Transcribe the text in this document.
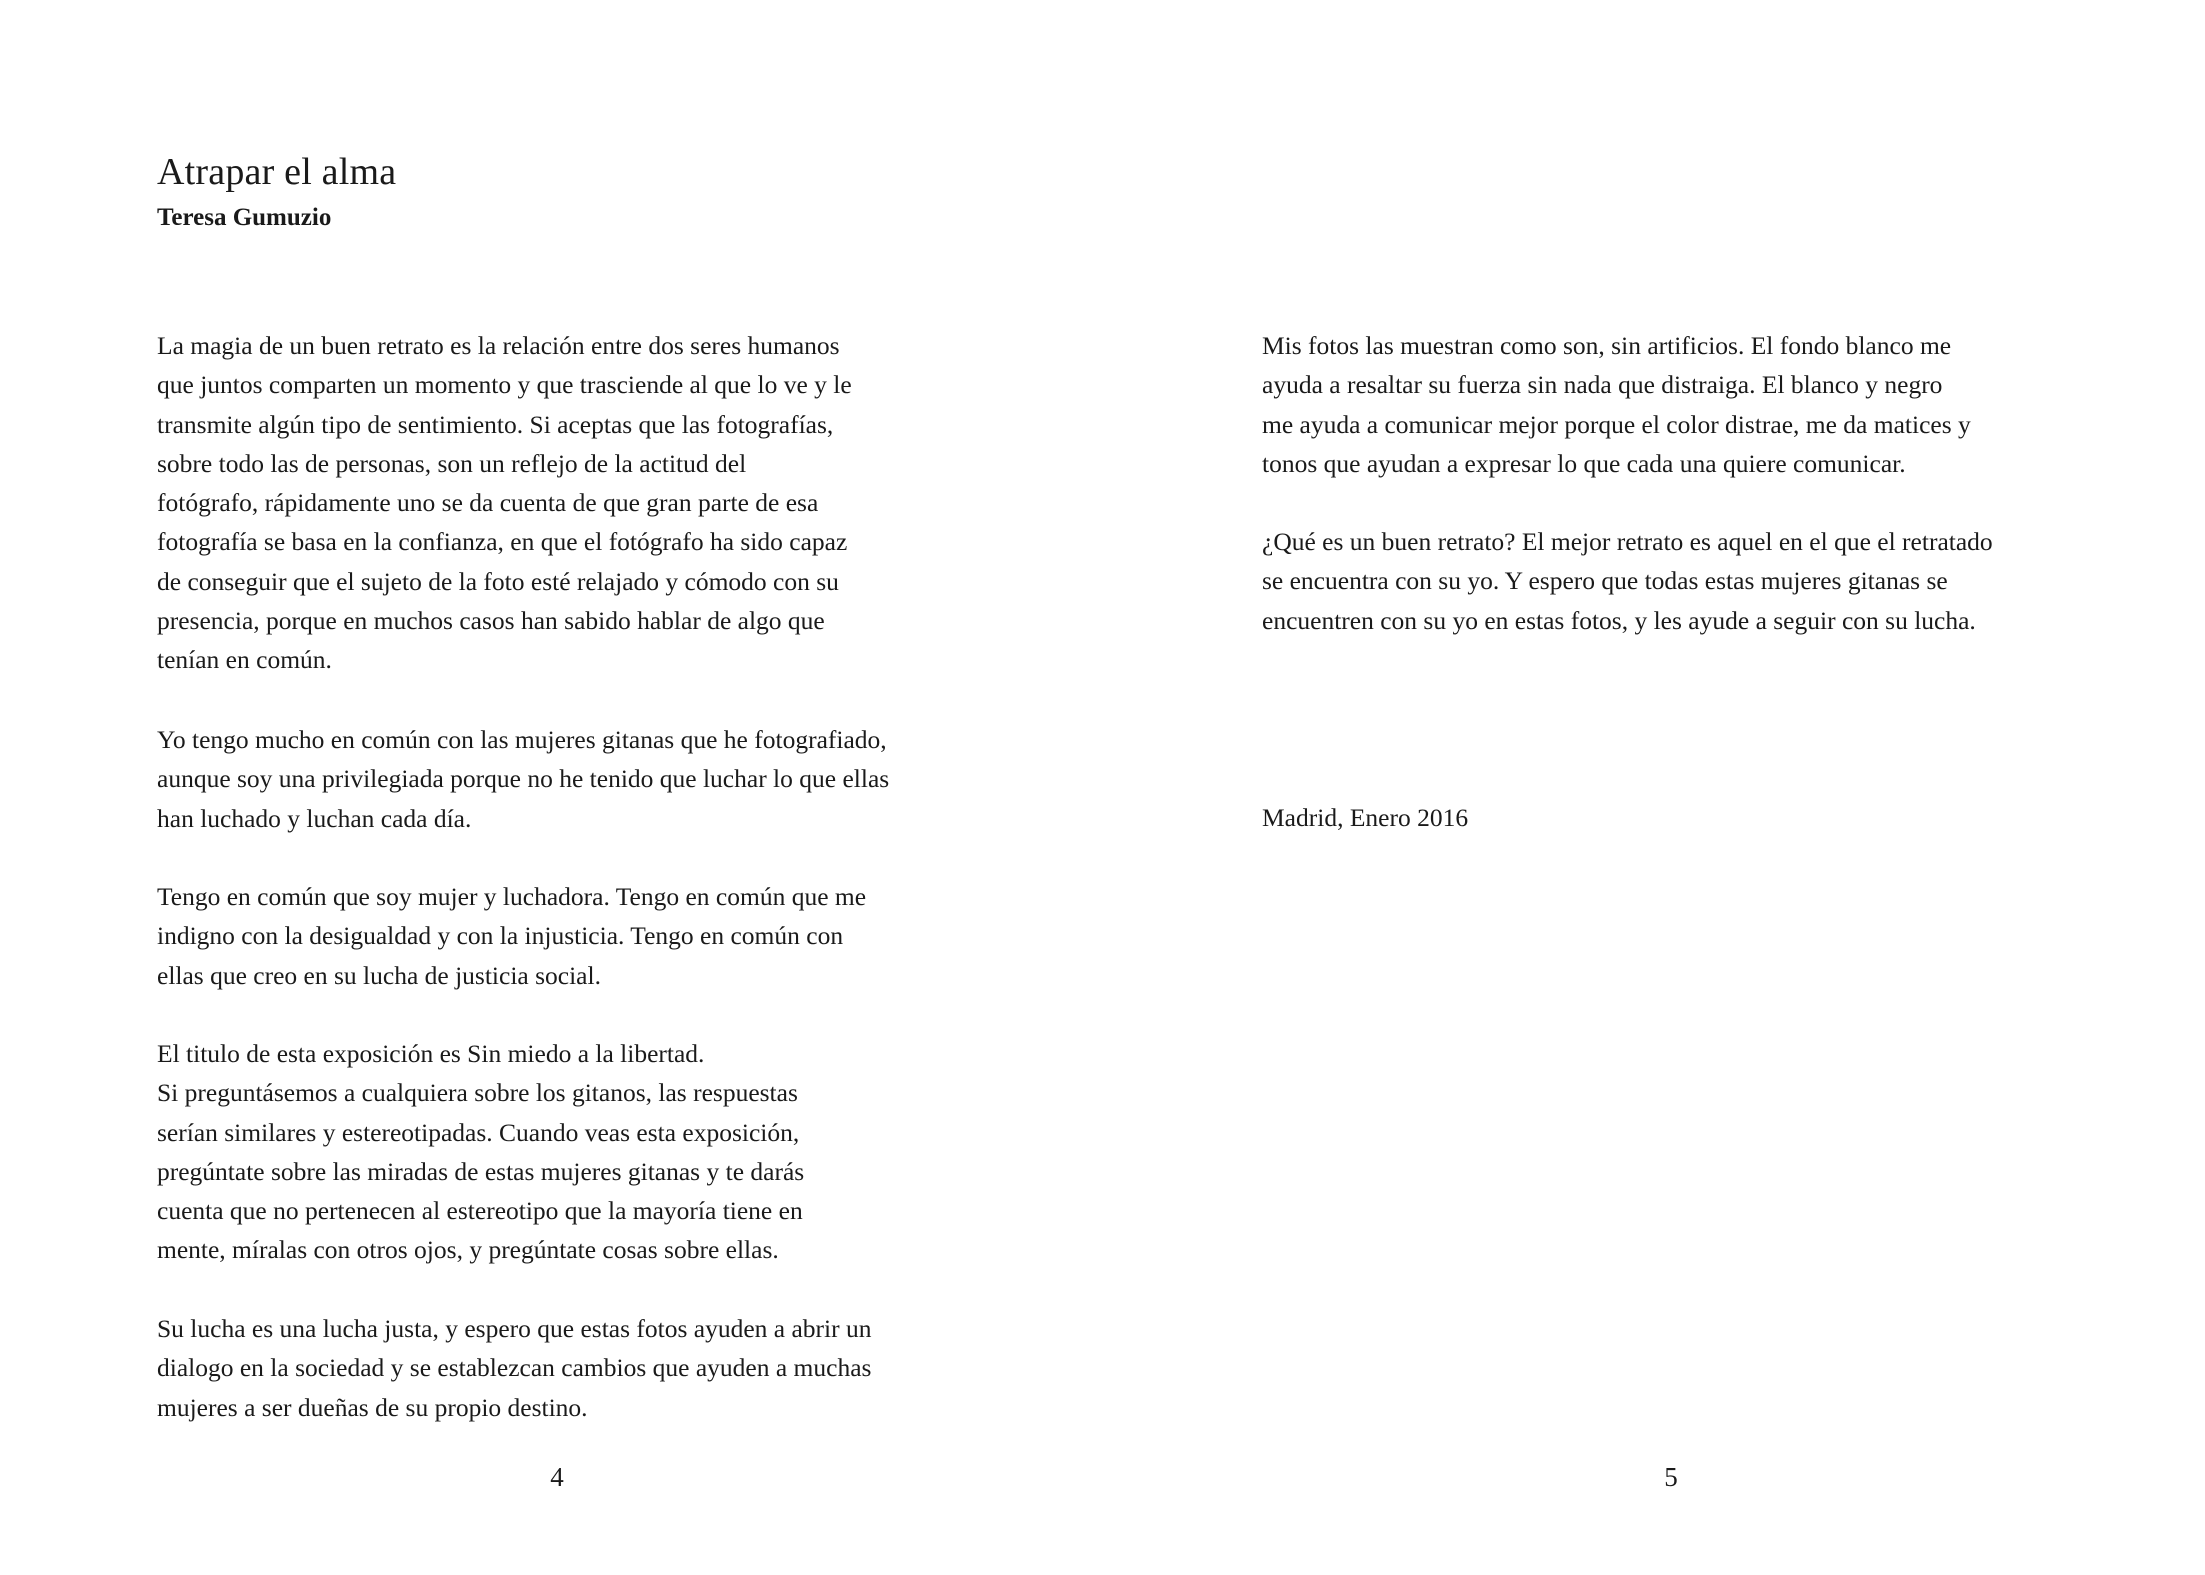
Atrapar el alma
Teresa Gumuzio

La magia de un buen retrato es la relación entre dos seres humanos
que juntos comparten un momento y que trasciende al que lo ve y le
transmite algún tipo de sentimiento. Si aceptas que las fotografías,
sobre todo las de personas, son un reflejo de la actitud del
fotógrafo, rápidamente uno se da cuenta de que gran parte de esa
fotografía se basa en la confianza, en que el fotógrafo ha sido capaz
de conseguir que el sujeto de la foto esté relajado y cómodo con su
presencia, porque en muchos casos han sabido hablar de algo que
tenían en común.

Yo tengo mucho en común con las mujeres gitanas que he fotografiado,
aunque soy una privilegiada porque no he tenido que luchar lo que ellas
han luchado y luchan cada día.

Tengo en común que soy mujer y luchadora. Tengo en común que me
indigno con la desigualdad y con la injusticia. Tengo en común con
ellas que creo en su lucha de justicia social.

El titulo de esta exposición es Sin miedo a la libertad.
Si preguntásemos a cualquiera sobre los gitanos, las respuestas
serían similares y estereotipadas. Cuando veas esta exposición,
pregúntate sobre las miradas de estas mujeres gitanas y te darás
cuenta que no pertenecen al estereotipo que la mayoría tiene en
mente, míralas con otros ojos, y pregúntate cosas sobre ellas.

Su lucha es una lucha justa, y espero que estas fotos ayuden a abrir un
dialogo en la sociedad y se establezcan cambios que ayuden a muchas
mujeres a ser dueñas de su propio destino.

4

Mis fotos las muestran como son, sin artificios. El fondo blanco me
ayuda a resaltar su fuerza sin nada que distraiga. El blanco y negro
me ayuda a comunicar mejor porque el color distrae, me da matices y
tonos que ayudan a expresar lo que cada una quiere comunicar.

¿Qué es un buen retrato? El mejor retrato es aquel en el que el retratado
se encuentra con su yo. Y espero que todas estas mujeres gitanas se
encuentren con su yo en estas fotos, y les ayude a seguir con su lucha.

Madrid, Enero 2016

5
